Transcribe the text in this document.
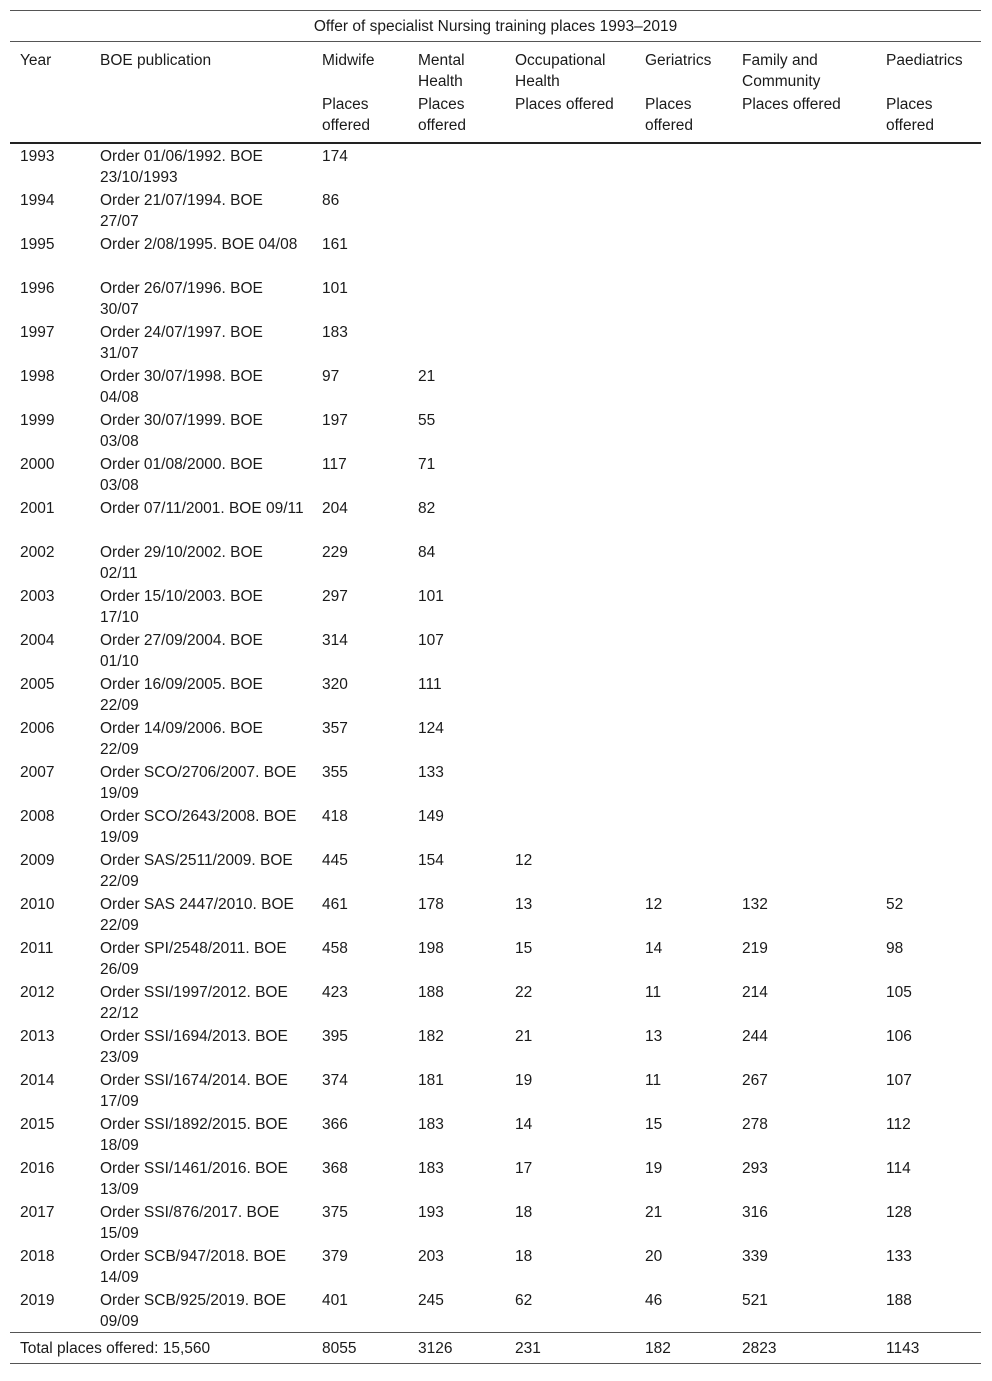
Offer of specialist Nursing training places 1993–2019							
Year	BOE publication	Midwife	Mental Health	Occupational Health	Geriatrics	Family and Community	Paediatrics
		Places offered	Places offered	Places offered	Places offered	Places offered	Places offered
1993	Order 01/06/1992. BOE 23/10/1993	174					
1994	Order 21/07/1994. BOE 27/07	86					
1995	Order 2/08/1995. BOE 04/08	161					
1996	Order 26/07/1996. BOE 30/07	101					
1997	Order 24/07/1997. BOE 31/07	183					
1998	Order 30/07/1998. BOE 04/08	97	21				
1999	Order 30/07/1999. BOE 03/08	197	55				
2000	Order 01/08/2000. BOE 03/08	117	71				
2001	Order 07/11/2001. BOE 09/11	204	82				
2002	Order 29/10/2002. BOE 02/11	229	84				
2003	Order 15/10/2003. BOE 17/10	297	101				
2004	Order 27/09/2004. BOE 01/10	314	107				
2005	Order 16/09/2005. BOE 22/09	320	111				
2006	Order 14/09/2006. BOE 22/09	357	124				
2007	Order SCO/2706/2007. BOE 19/09	355	133				
2008	Order SCO/2643/2008. BOE 19/09	418	149				
2009	Order SAS/2511/2009. BOE 22/09	445	154	12			
2010	Order SAS 2447/2010. BOE 22/09	461	178	13	12	132	52
2011	Order SPI/2548/2011. BOE 26/09	458	198	15	14	219	98
2012	Order SSI/1997/2012. BOE 22/12	423	188	22	11	214	105
2013	Order SSI/1694/2013. BOE 23/09	395	182	21	13	244	106
2014	Order SSI/1674/2014. BOE 17/09	374	181	19	11	267	107
2015	Order SSI/1892/2015. BOE 18/09	366	183	14	15	278	112
2016	Order SSI/1461/2016. BOE 13/09	368	183	17	19	293	114
2017	Order SSI/876/2017. BOE 15/09	375	193	18	21	316	128
2018	Order SCB/947/2018. BOE 14/09	379	203	18	20	339	133
2019	Order SCB/925/2019. BOE 09/09	401	245	62	46	521	188
Total places offered: 15,560		8055	3126	231	182	2823	1143
